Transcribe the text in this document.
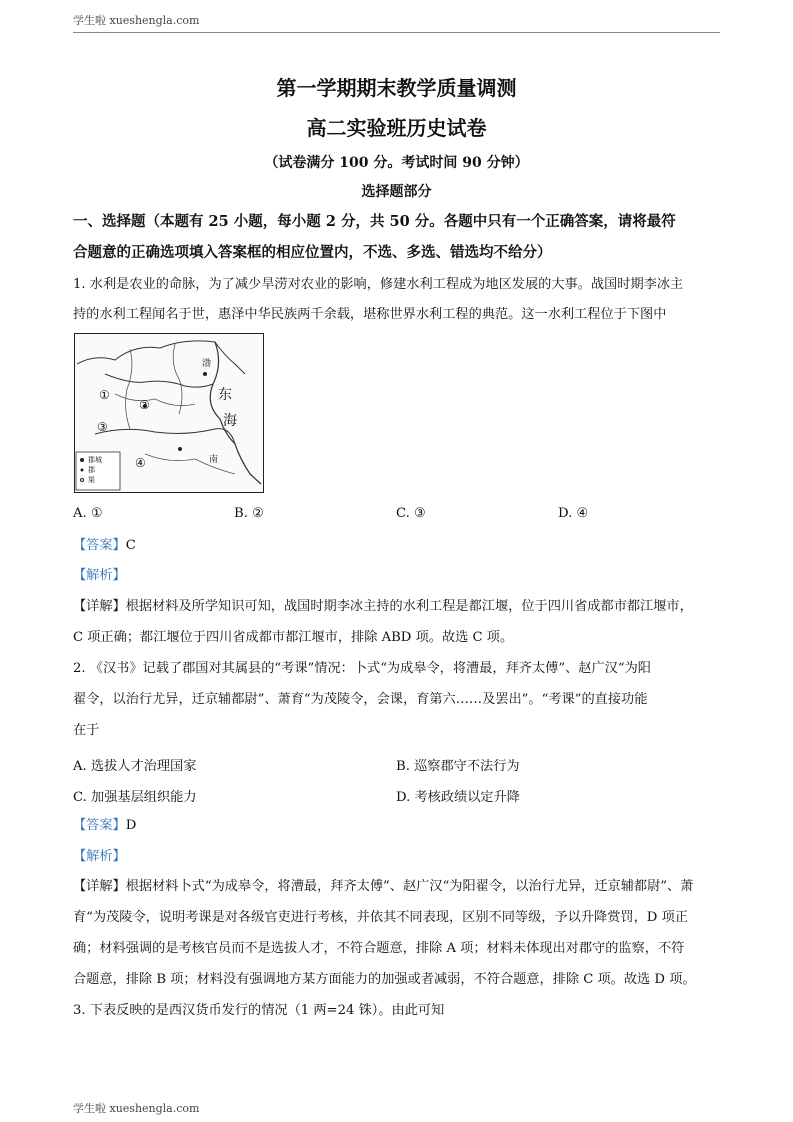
学生啦 xueshengla.com
第一学期期末教学质量调测
高二实验班历史试卷
（试卷满分 100 分。考试时间 90 分钟）
选择题部分
一、选择题（本题有 25 小题，每小题 2 分，共 50 分。各题中只有一个正确答案，请将最符
合题意的正确选项填入答案框的相应位置内，不选、多选、错选均不给分）
1. 水利是农业的命脉，为了减少旱涝对农业的影响，修建水利工程成为地区发展的大事。战国时期李冰主
持的水利工程闻名于世，惠泽中华民族两千余载，堪称世界水利工程的典范。这一水利工程位于下图中
渤
南
东
海
①
②
③
④
郡城
郡
渠
A. ①	B. ②	C. ③	D. ④
【答案】C
【解析】
【详解】根据材料及所学知识可知，战国时期李冰主持的水利工程是都江堰，位于四川省成都市都江堰市，
C 项正确；都江堰位于四川省成都市都江堰市，排除 ABD 项。故选 C 项。
2. 《汉书》记载了郡国对其属县的“考课”情况：卜式“为成皋令，将漕最，拜齐太傅”、赵广汉“为阳
翟令，以治行尤异，迁京辅都尉”、萧育“为茂陵令，会课，育第六……及罢出”。“考课”的直接功能
在于
A. 选拔人才治理国家	B. 巡察郡守不法行为
C. 加强基层组织能力	D. 考核政绩以定升降
【答案】D
【解析】
【详解】根据材料卜式“为成皋令，将漕最，拜齐太傅”、赵广汉“为阳翟令，以治行尤异，迁京辅都尉”、萧
育“为茂陵令，说明考课是对各级官吏进行考核，并依其不同表现，区别不同等级，予以升降赏罚，D 项正
确；材料强调的是考核官员而不是选拔人才，不符合题意，排除 A 项；材料未体现出对郡守的监察，不符
合题意，排除 B 项；材料没有强调地方某方面能力的加强或者减弱，不符合题意，排除 C 项。故选 D 项。
3. 下表反映的是西汉货币发行的情况（1 两=24 铢）。由此可知
学生啦 xueshengla.com
